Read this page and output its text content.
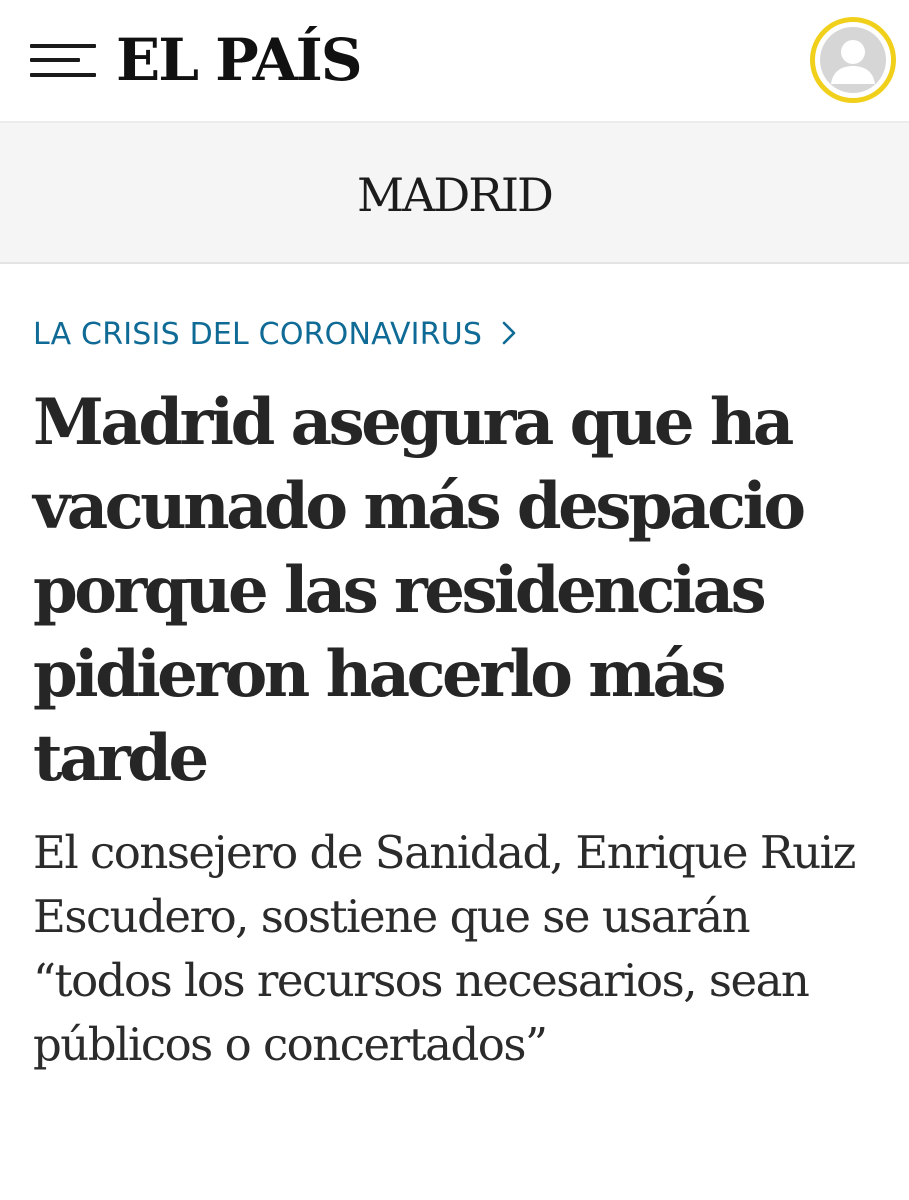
EL PAÍS
MADRID
LA CRISIS DEL CORONAVIRUS
Madrid asegura que ha vacunado más despacio porque las residencias pidieron hacerlo más tarde

El consejero de Sanidad, Enrique Ruiz Escudero, sostiene que se usarán “todos los recursos necesarios, sean públicos o concertados”
